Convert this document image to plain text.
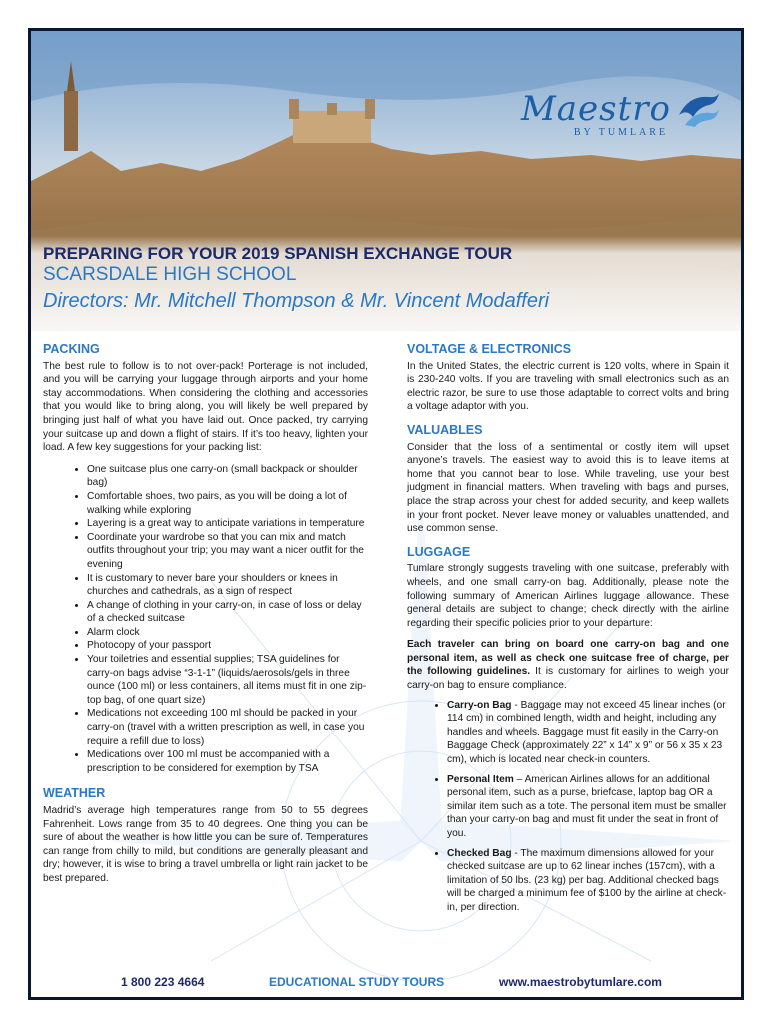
Maestro
BY TUMLARE
PREPARING FOR YOUR 2019 SPANISH EXCHANGE TOUR
SCARSDALE HIGH SCHOOL
Directors: Mr. Mitchell Thompson & Mr. Vincent Modafferi
PACKING

The best rule to follow is to not over-pack! Porterage is not included, and you will be carrying your luggage through airports and your home stay accommodations. When considering the clothing and accessories that you would like to bring along, you will likely be well prepared by bringing just half of what you have laid out. Once packed, try carrying your suitcase up and down a flight of stairs. If it’s too heavy, lighten your load. A few key suggestions for your packing list:

• One suitcase plus one carry-on (small backpack or shoulder bag)
• Comfortable shoes, two pairs, as you will be doing a lot of walking while exploring
• Layering is a great way to anticipate variations in temperature
• Coordinate your wardrobe so that you can mix and match outfits throughout your trip; you may want a nicer outfit for the evening
• It is customary to never bare your shoulders or knees in churches and cathedrals, as a sign of respect
• A change of clothing in your carry-on, in case of loss or delay of a checked suitcase
• Alarm clock
• Photocopy of your passport
• Your toiletries and essential supplies; TSA guidelines for carry-on bags advise “3-1-1” (liquids/aerosols/gels in three ounce (100 ml) or less containers, all items must fit in one zip-top bag, of one quart size)
• Medications not exceeding 100 ml should be packed in your carry-on (travel with a written prescription as well, in case you require a refill due to loss)
• Medications over 100 ml must be accompanied with a prescription to be considered for exemption by TSA
WEATHER

Madrid’s average high temperatures range from 50 to 55 degrees Fahrenheit. Lows range from 35 to 40 degrees. One thing you can be sure of about the weather is how little you can be sure of. Temperatures can range from chilly to mild, but conditions are generally pleasant and dry; however, it is wise to bring a travel umbrella or light rain jacket to be best prepared.

VOLTAGE & ELECTRONICS

In the United States, the electric current is 120 volts, where in Spain it is 230-240 volts. If you are traveling with small electronics such as an electric razor, be sure to use those adaptable to correct volts and bring a voltage adaptor with you.

VALUABLES

Consider that the loss of a sentimental or costly item will upset anyone’s travels. The easiest way to avoid this is to leave items at home that you cannot bear to lose. While traveling, use your best judgment in financial matters. When traveling with bags and purses, place the strap across your chest for added security, and keep wallets in your front pocket. Never leave money or valuables unattended, and use common sense.

LUGGAGE

Tumlare strongly suggests traveling with one suitcase, preferably with wheels, and one small carry-on bag. Additionally, please note the following summary of American Airlines luggage allowance. These general details are subject to change; check directly with the airline regarding their specific policies prior to your departure:

Each traveler can bring on board one carry-on bag and one personal item, as well as check one suitcase free of charge, per the following guidelines. It is customary for airlines to weigh your carry-on bag to ensure compliance.

• Carry-on Bag - Baggage may not exceed 45 linear inches (or 114 cm) in combined length, width and height, including any handles and wheels. Baggage must fit easily in the Carry-on Baggage Check (approximately 22” x 14” x 9” or 56 x 35 x 23 cm), which is located near check-in counters.
• Personal Item – American Airlines allows for an additional personal item, such as a purse, briefcase, laptop bag OR a similar item such as a tote. The personal item must be smaller than your carry-on bag and must fit under the seat in front of you.
• Checked Bag - The maximum dimensions allowed for your checked suitcase are up to 62 linear inches (157cm), with a limitation of 50 lbs. (23 kg) per bag. Additional checked bags will be charged a minimum fee of $100 by the airline at check-in, per direction.
1 800 223 4664	EDUCATIONAL STUDY TOURS	www.maestrobytumlare.com
